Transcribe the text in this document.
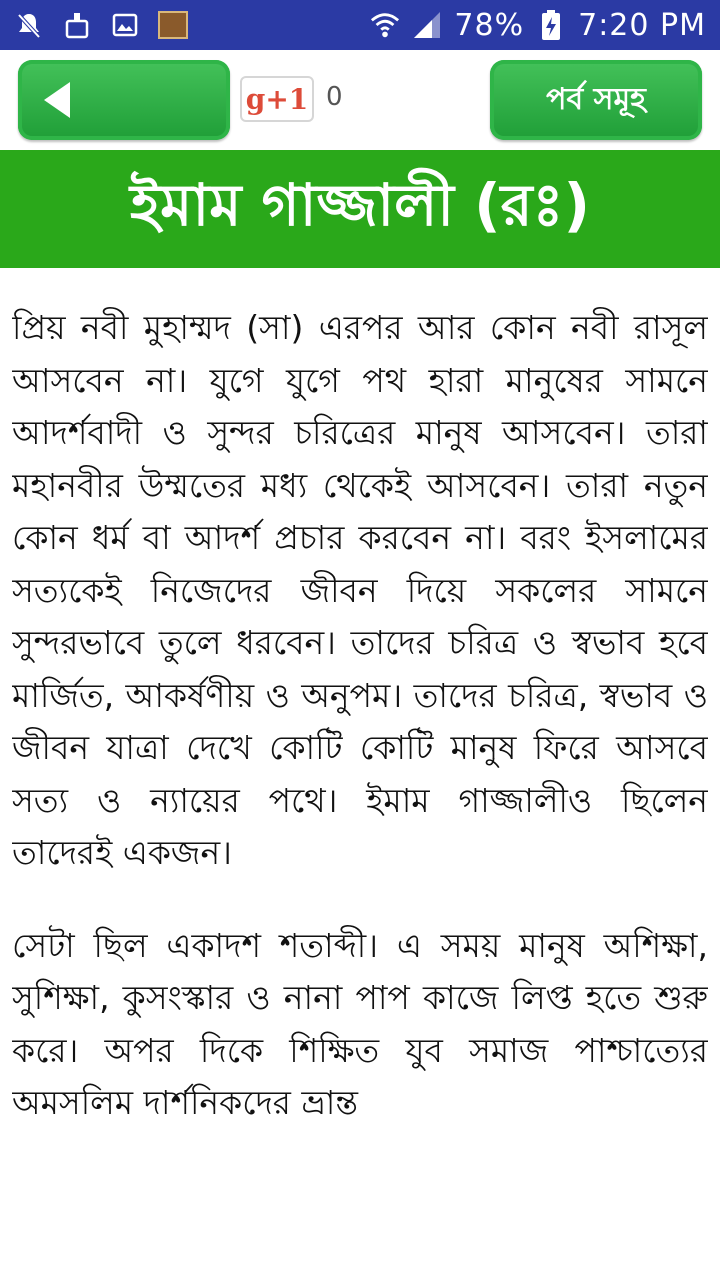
78% 7:20 PM
g+1 0	পর্ব সমূহ
ইমাম গাজ্জালী (রঃ)

প্রিয় নবী মুহাম্মদ (সা) এরপর আর কোন নবী রাসূল আসবেন না। যুগে যুগে পথ হারা মানুষের সামনে আদর্শবাদী ও সুন্দর চরিত্রের মানুষ আসবেন। তারা মহানবীর উম্মতের মধ্য থেকেই আসবেন। তারা নতুন কোন ধর্ম বা আদর্শ প্রচার করবেন না। বরং ইসলামের সত্যকেই নিজেদের জীবন দিয়ে সকলের সামনে সুন্দরভাবে তুলে ধরবেন। তাদের চরিত্র ও স্বভাব হবে মার্জিত, আকর্ষণীয় ও অনুপম। তাদের চরিত্র, স্বভাব ও জীবন যাত্রা দেখে কোটি কোটি মানুষ ফিরে আসবে সত্য ও ন্যায়ের পথে। ইমাম গাজ্জালীও ছিলেন তাদেরই একজন।

সেটা ছিল একাদশ শতাব্দী। এ সময় মানুষ অশিক্ষা, সুশিক্ষা, কুসংস্কার ও নানা পাপ কাজে লিপ্ত হতে শুরু করে। অপর দিকে শিক্ষিত যুব সমাজ পাশ্চাত্যের অমসলিম দার্শনিকদের ভ্রান্ত
